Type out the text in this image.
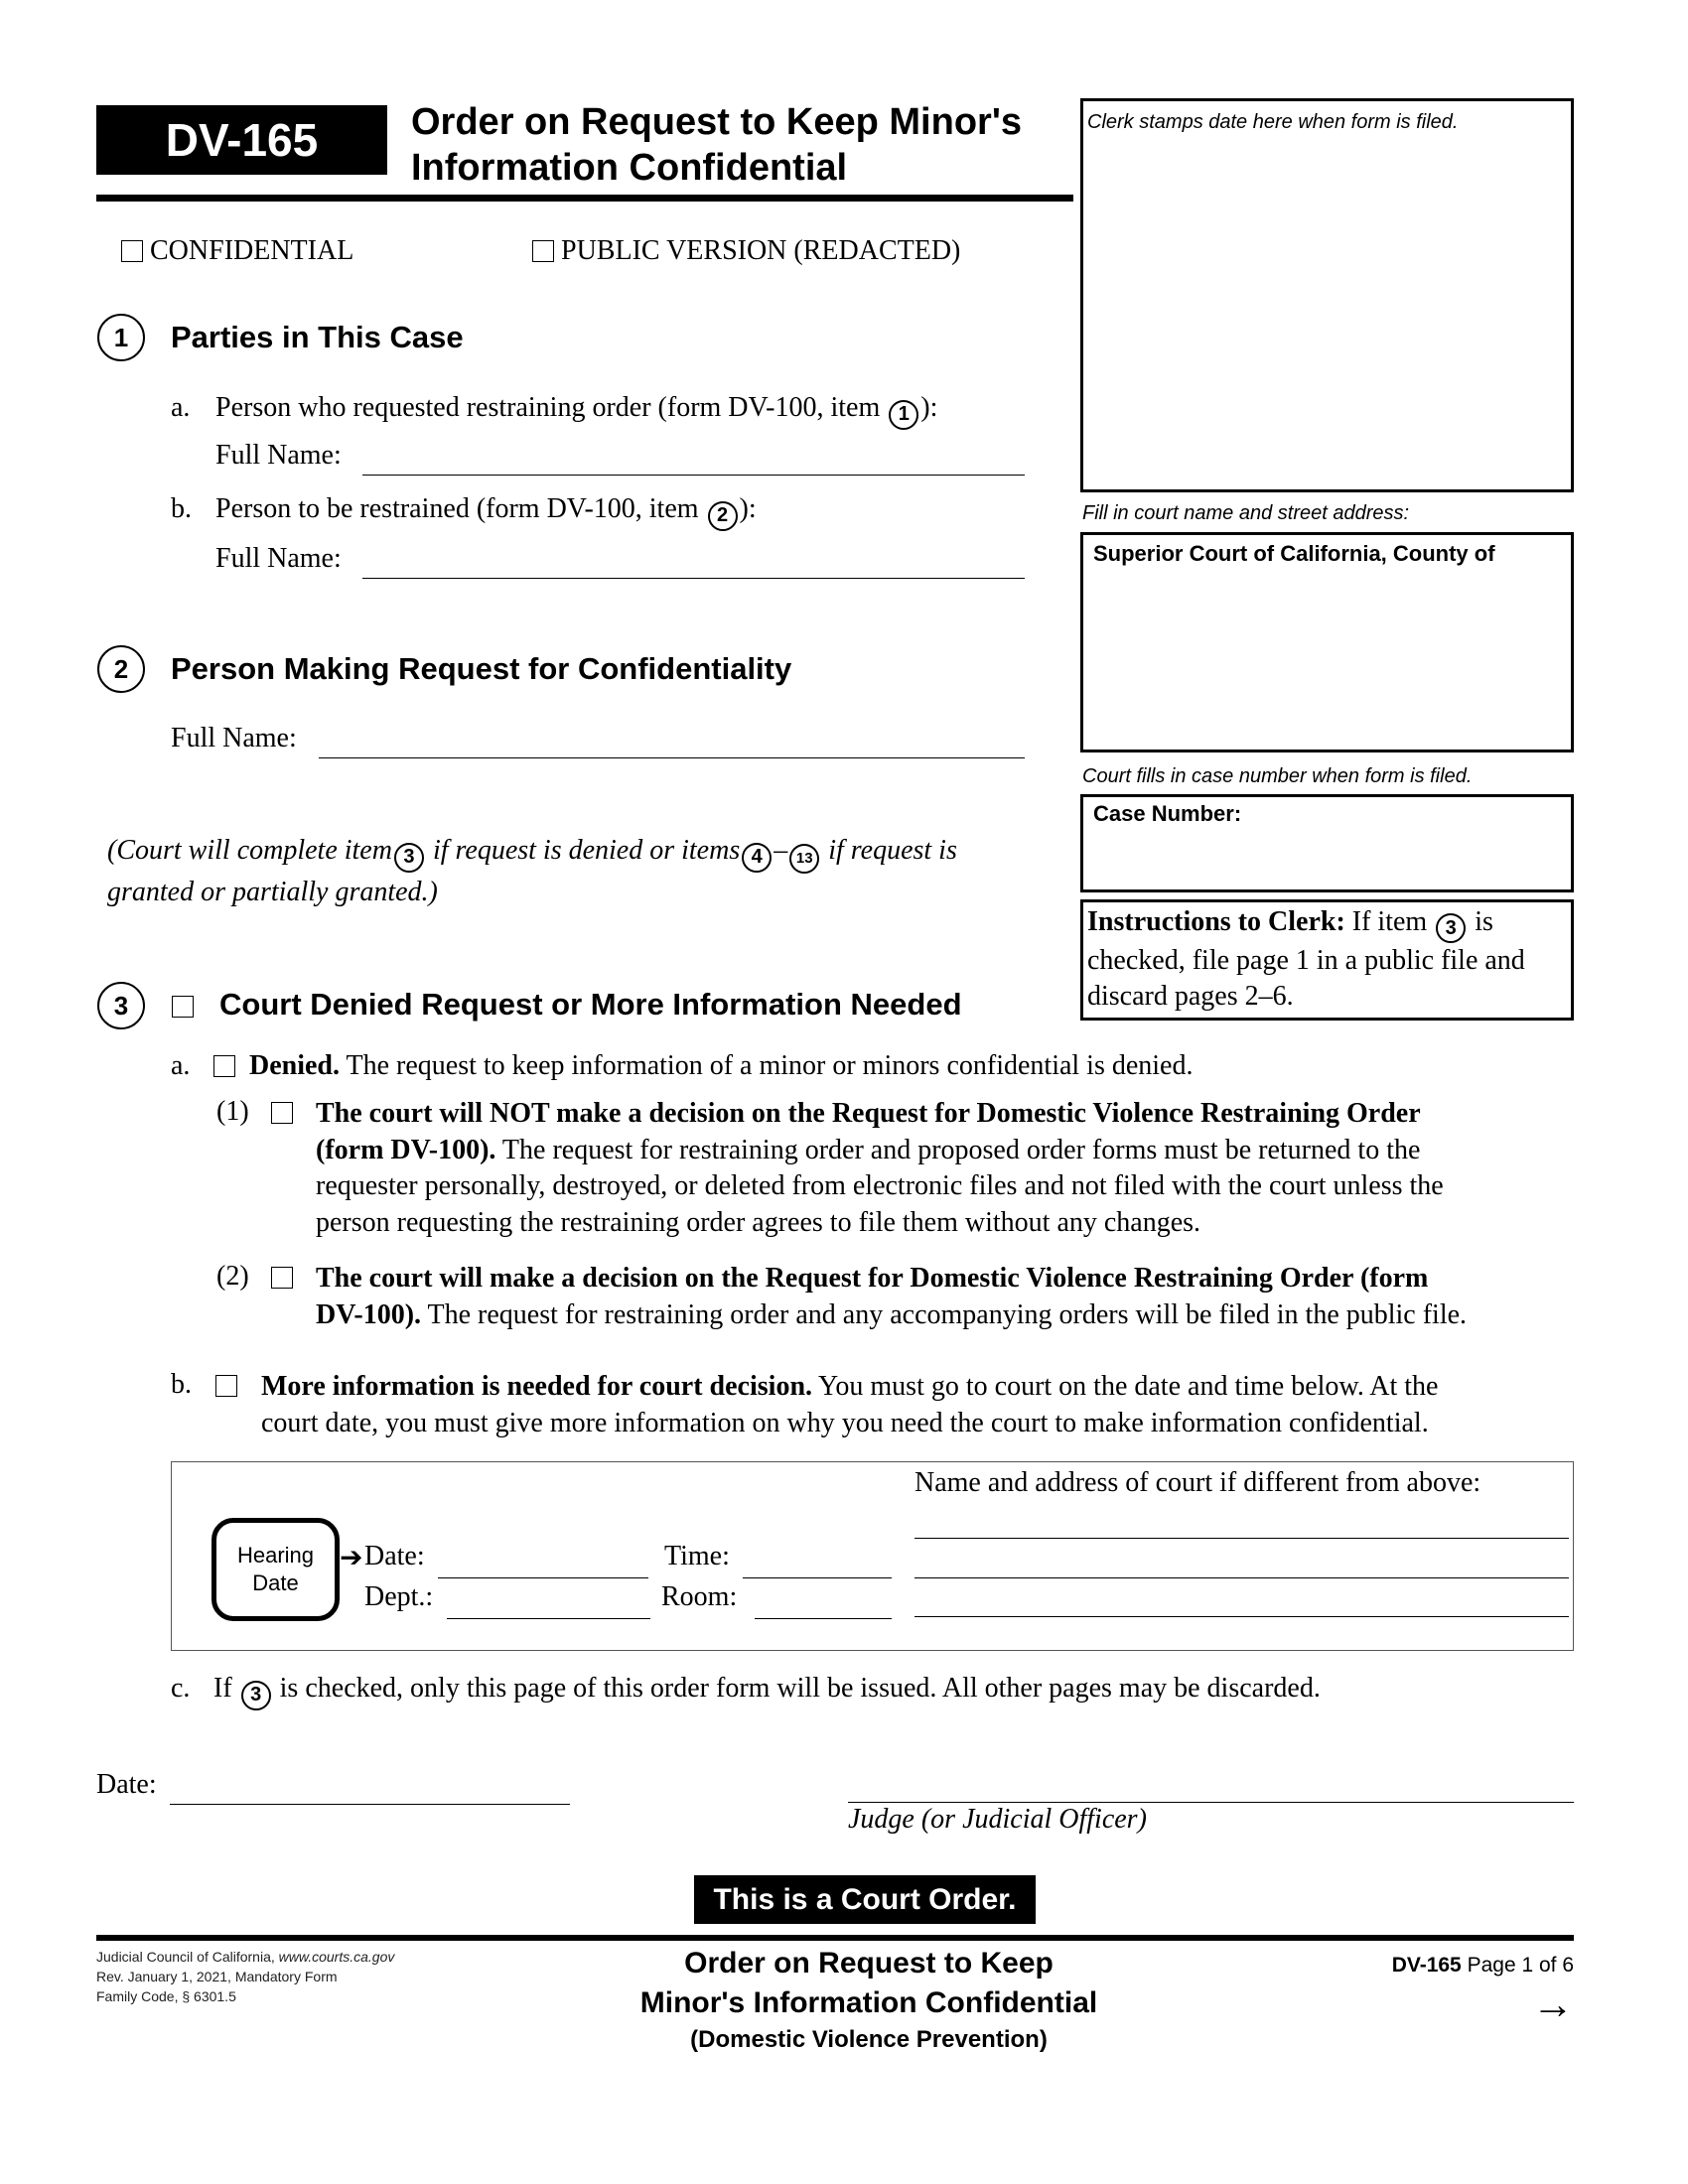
DV-165	Order on Request to Keep Minor's
Information Confidential
Clerk stamps date here when form is filed.
Fill in court name and street address:
Superior Court of California, County of
Court fills in case number when form is filed.
Case Number:
Instructions to Clerk: If item 3 is
checked, file page 1 in a public file and
discard pages 2–6.
CONFIDENTIAL	PUBLIC VERSION (REDACTED)
1	Parties in This Case
a. Person who requested restraining order (form DV-100, item 1 ):
Full Name:
b. Person to be restrained (form DV-100, item 2 ):
Full Name:
2	Person Making Request for Confidentiality
Full Name:
(Court will complete item 3 if request is denied or items 4 – 13 if request is
granted or partially granted.)
3	Court Denied Request or More Information Needed
a.	Denied. The request to keep information of a minor or minors confidential is denied.
(1) The court will NOT make a decision on the Request for Domestic Violence Restraining Order
(form DV-100). The request for restraining order and proposed order forms must be returned to the
requester personally, destroyed, or deleted from electronic files and not filed with the court unless the
person requesting the restraining order agrees to file them without any changes.
(2) The court will make a decision on the Request for Domestic Violence Restraining Order (form
DV-100). The request for restraining order and any accompanying orders will be filed in the public file.
b.	More information is needed for court decision. You must go to court on the date and time below. At the
court date, you must give more information on why you need the court to make information confidential.
Hearing
Date
➔ Date:	Time:
Dept.:	Room:
Name and address of court if different from above:
c. If 3 is checked, only this page of this order form will be issued. All other pages may be discarded.
Date:
Judge (or Judicial Officer)
This is a Court Order.
Judicial Council of California, www.courts.ca.gov
Rev. January 1, 2021, Mandatory Form
Family Code, § 6301.5
Order on Request to Keep
Minor's Information Confidential
(Domestic Violence Prevention)
DV-165 Page 1 of 6
→
